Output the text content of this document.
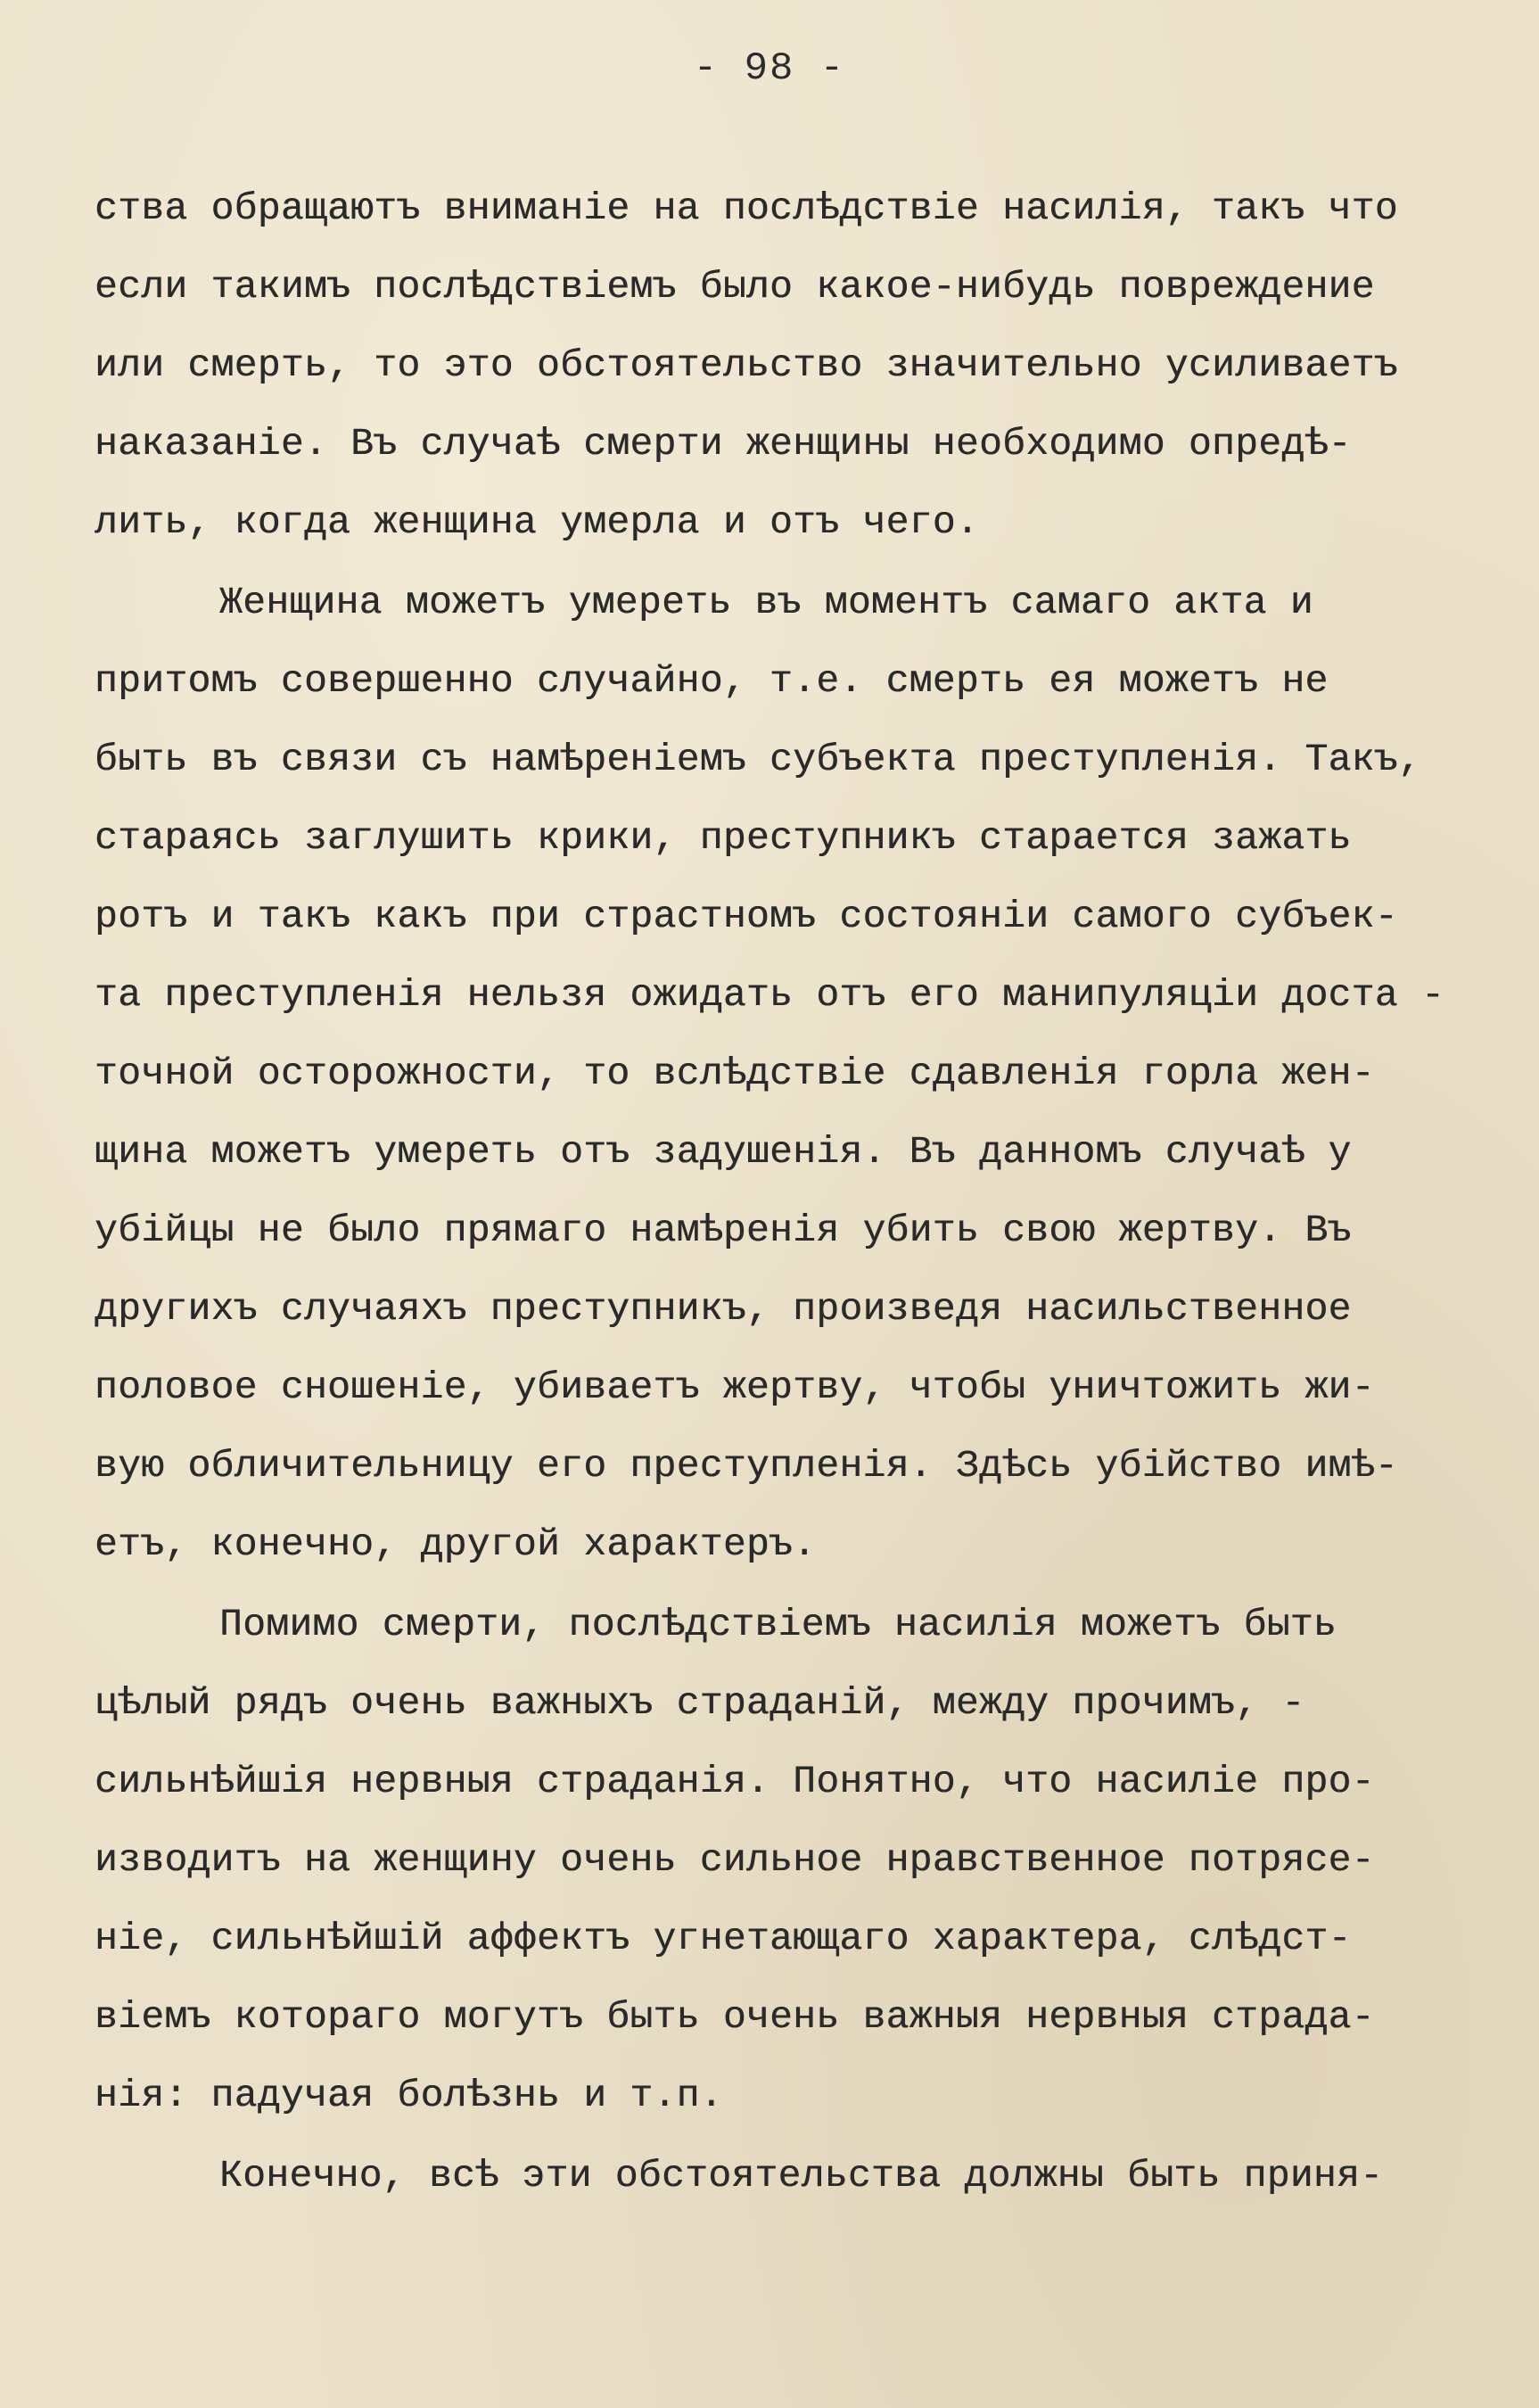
- 98 -
ства обращаютъ вниманіе на послѣдствіе насилія, такъ что
если такимъ послѣдствіемъ было какое-нибудь повреждение
или смерть, то это обстоятельство значительно усиливаетъ
наказаніе. Въ случаѣ смерти женщины необходимо опредѣ-
лить, когда женщина умерла и отъ чего.
Женщина можетъ умереть въ моментъ самаго акта и
притомъ совершенно случайно, т.е. смерть ея можетъ не
быть въ связи съ намѣреніемъ субъекта преступленія. Такъ,
стараясь заглушить крики, преступникъ старается зажать
ротъ и такъ какъ при страстномъ состояніи самого субъек-
та преступленія нельзя ожидать отъ его манипуляціи доста -
точной осторожности, то вслѣдствіе сдавленія горла жен-
щина можетъ умереть отъ задушенія. Въ данномъ случаѣ у
убійцы не было прямаго намѣренія убить свою жертву. Въ
другихъ случаяхъ преступникъ, произведя насильственное
половое сношеніе, убиваетъ жертву, чтобы уничтожить жи-
вую обличительницу его преступленія. Здѣсь убійство имѣ-
етъ, конечно, другой характеръ.
Помимо смерти, послѣдствіемъ насилія можетъ быть
цѣлый рядъ очень важныхъ страданій, между прочимъ, -
сильнѣйшія нервныя страданія. Понятно, что насиліе про-
изводитъ на женщину очень сильное нравственное потрясе-
ніе, сильнѣйшій аффектъ угнетающаго характера, слѣдст-
віемъ котораго могутъ быть очень важныя нервныя страда-
нія: падучая болѣзнь и т.п.
Конечно, всѣ эти обстоятельства должны быть приня-
